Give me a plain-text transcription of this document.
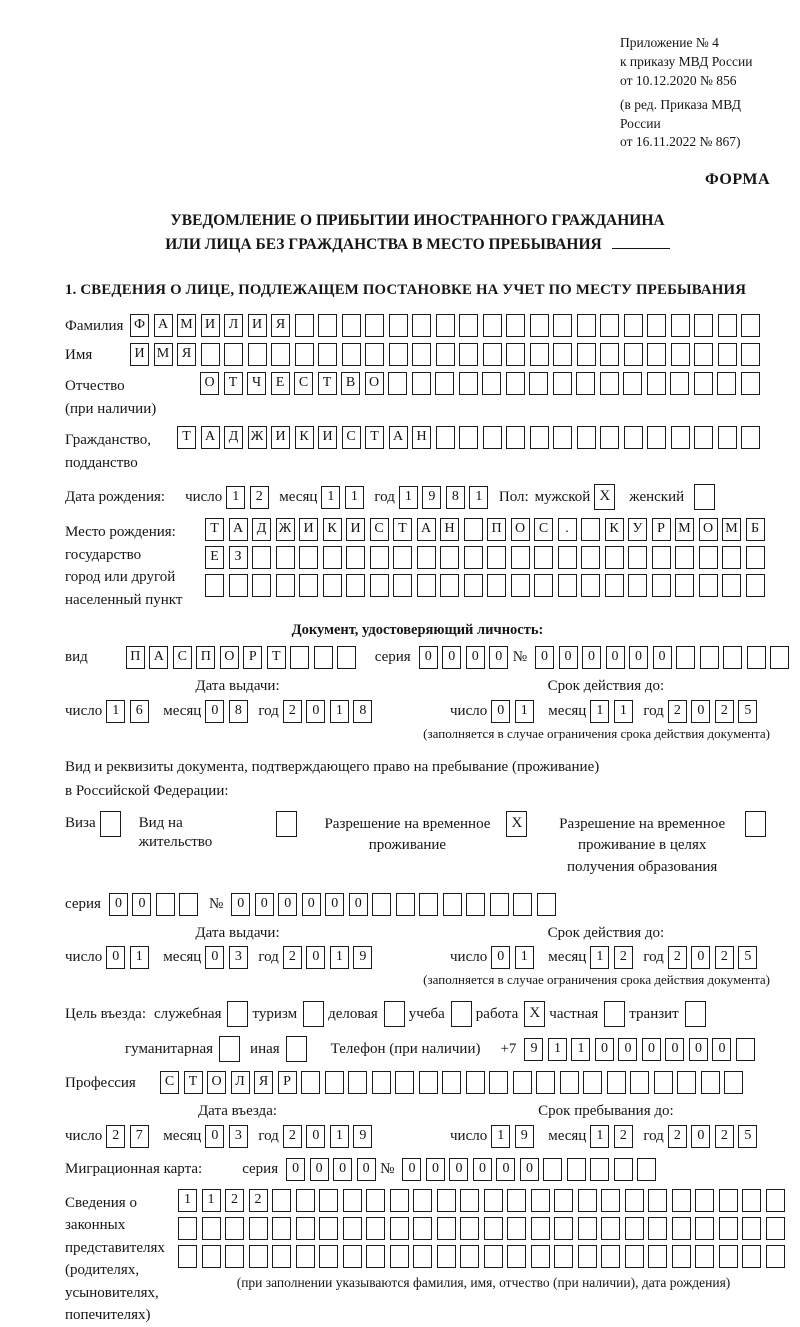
Приложение № 4
к приказу МВД России
от 10.12.2020 № 856
(в ред. Приказа МВД России
от 16.11.2022 № 867)
ФОРМА
УВЕДОМЛЕНИЕ О ПРИБЫТИИ ИНОСТРАННОГО ГРАЖДАНИНА
ИЛИ ЛИЦА БЕЗ ГРАЖДАНСТВА В МЕСТО ПРЕБЫВАНИЯ
1. СВЕДЕНИЯ О ЛИЦЕ, ПОДЛЕЖАЩЕМ ПОСТАНОВКЕ НА УЧЕТ ПО МЕСТУ ПРЕБЫВАНИЯ
Фамилия Ф А М И Л И Я
Имя	И М Я
Отчество
(при наличии)
О	Т	Ч	Е	С	Т	В О
Гражданство,
подданство
Т	А Д Ж И К И С	Т	А Н
Дата рождения: число 1	2	месяц 1	1	год 1	9	8	1	Пол: мужской X	женский
Место рождения:
государство
город или другой
населенный пункт
Т	А Д Ж И К И С	Т	А Н	П О С	.	К У	Р М О М Б
Е	З
Документ, удостоверяющий личность:
вид	П А С П О	Р	Т	серия	0	0	0	0 №	0	0	0	0	0	0
Дата выдачи:
число 1	6	месяц 0	8	год 2	0	1	8
Срок действия до:
число 0	1	месяц 1	1	год 2	0	2	5
(заполняется в случае ограничения срока действия документа)
Вид и реквизиты документа, подтверждающего право на пребывание (проживание)
в Российской Федерации:
Виза	Вид на жительство
Разрешение на временное проживание
X	Разрешение на временное проживание в целях получения образования
серия	0	0	№	0	0	0	0	0	0
Дата выдачи:
число 0	1	месяц 0	3	год 2	0	1	9
Срок действия до:
число 0	1	месяц 1	2	год 2	0	2	5
(заполняется в случае ограничения срока действия документа)
Цель въезда: служебная туризм деловая учеба работа X частная транзит
гуманитарная иная	Телефон (при наличии) +7	9	1	1	0	0	0	0	0	0
Профессия	С	Т	О Л	Я	Р
Дата въезда:
число 2	7	месяц 0	3	год 2	0	1	9
Срок пребывания до:
число 1	9	месяц 1	2	год 2	0	2	5
Миграционная карта:	серия	0	0	0	0 №	0	0	0	0	0	0
Сведения о
законных
представителях
(родителях,
усыновителях,
попечителях)
1	1	2	2
(при заполнении указываются фамилия, имя, отчество (при наличии), дата рождения)
